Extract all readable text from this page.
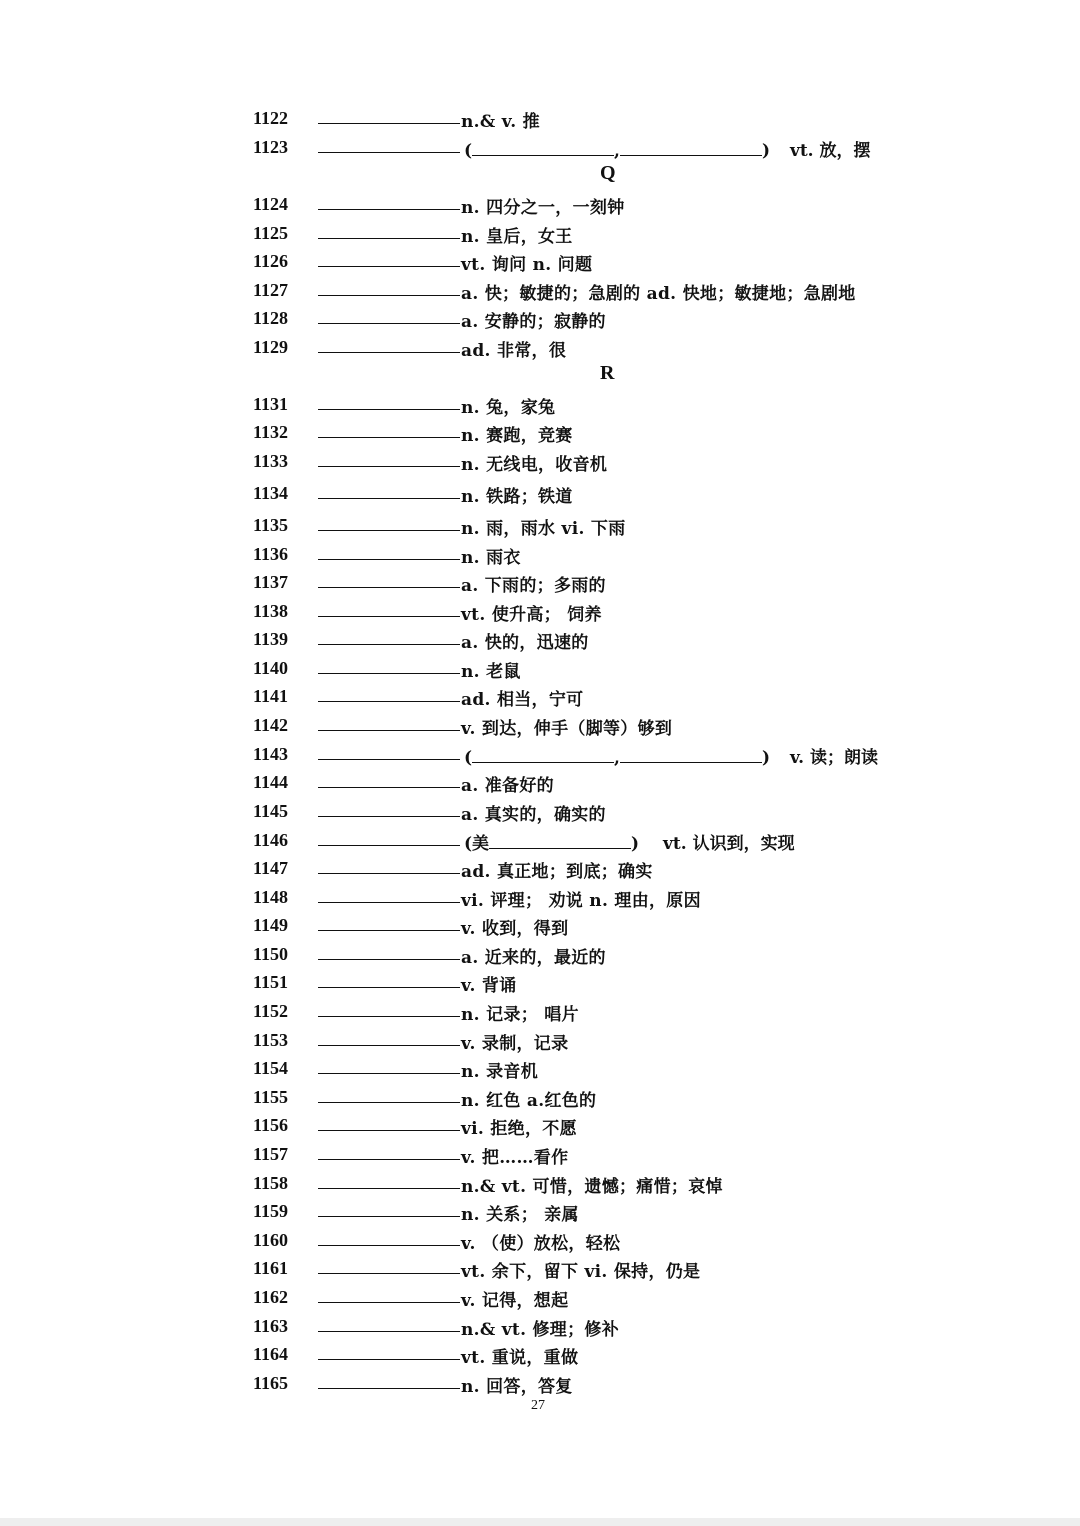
1122	n.& v. 推
1123	(	,	) vt. 放，摆
Q
1124	n. 四分之一，一刻钟
1125	n. 皇后，女王
1126	vt. 询问 n. 问题
1127	a. 快；敏捷的；急剧的 ad. 快地；敏捷地；急剧地
1128	a. 安静的；寂静的
1129	ad. 非常，很
R
1131	n. 兔，家兔
1132	n. 赛跑，竞赛
1133	n. 无线电，收音机
1134	n. 铁路；铁道
1135	n. 雨，雨水 vi. 下雨
1136	n. 雨衣
1137	a. 下雨的；多雨的
1138	vt. 使升高； 饲养
1139	a. 快的，迅速的
1140	n. 老鼠
1141	ad. 相当，宁可
1142	v. 到达，伸手（脚等）够到
1143	(	,	) v. 读；朗读
1144	a. 准备好的
1145	a. 真实的，确实的
1146	(美	) vt. 认识到，实现
1147	ad. 真正地；到底；确实
1148	vi. 评理； 劝说 n. 理由，原因
1149	v. 收到，得到
1150	a. 近来的，最近的
1151	v. 背诵
1152	n. 记录； 唱片
1153	v. 录制，记录
1154	n. 录音机
1155	n. 红色 a.红色的
1156	vi. 拒绝，不愿
1157	v. 把……看作
1158	n.& vt. 可惜，遗憾；痛惜；哀悼
1159	n. 关系； 亲属
1160	v. （使）放松，轻松
1161	vt. 余下，留下 vi. 保持，仍是
1162	v. 记得，想起
1163	n.& vt. 修理；修补
1164	vt. 重说，重做
1165	n. 回答，答复
27
